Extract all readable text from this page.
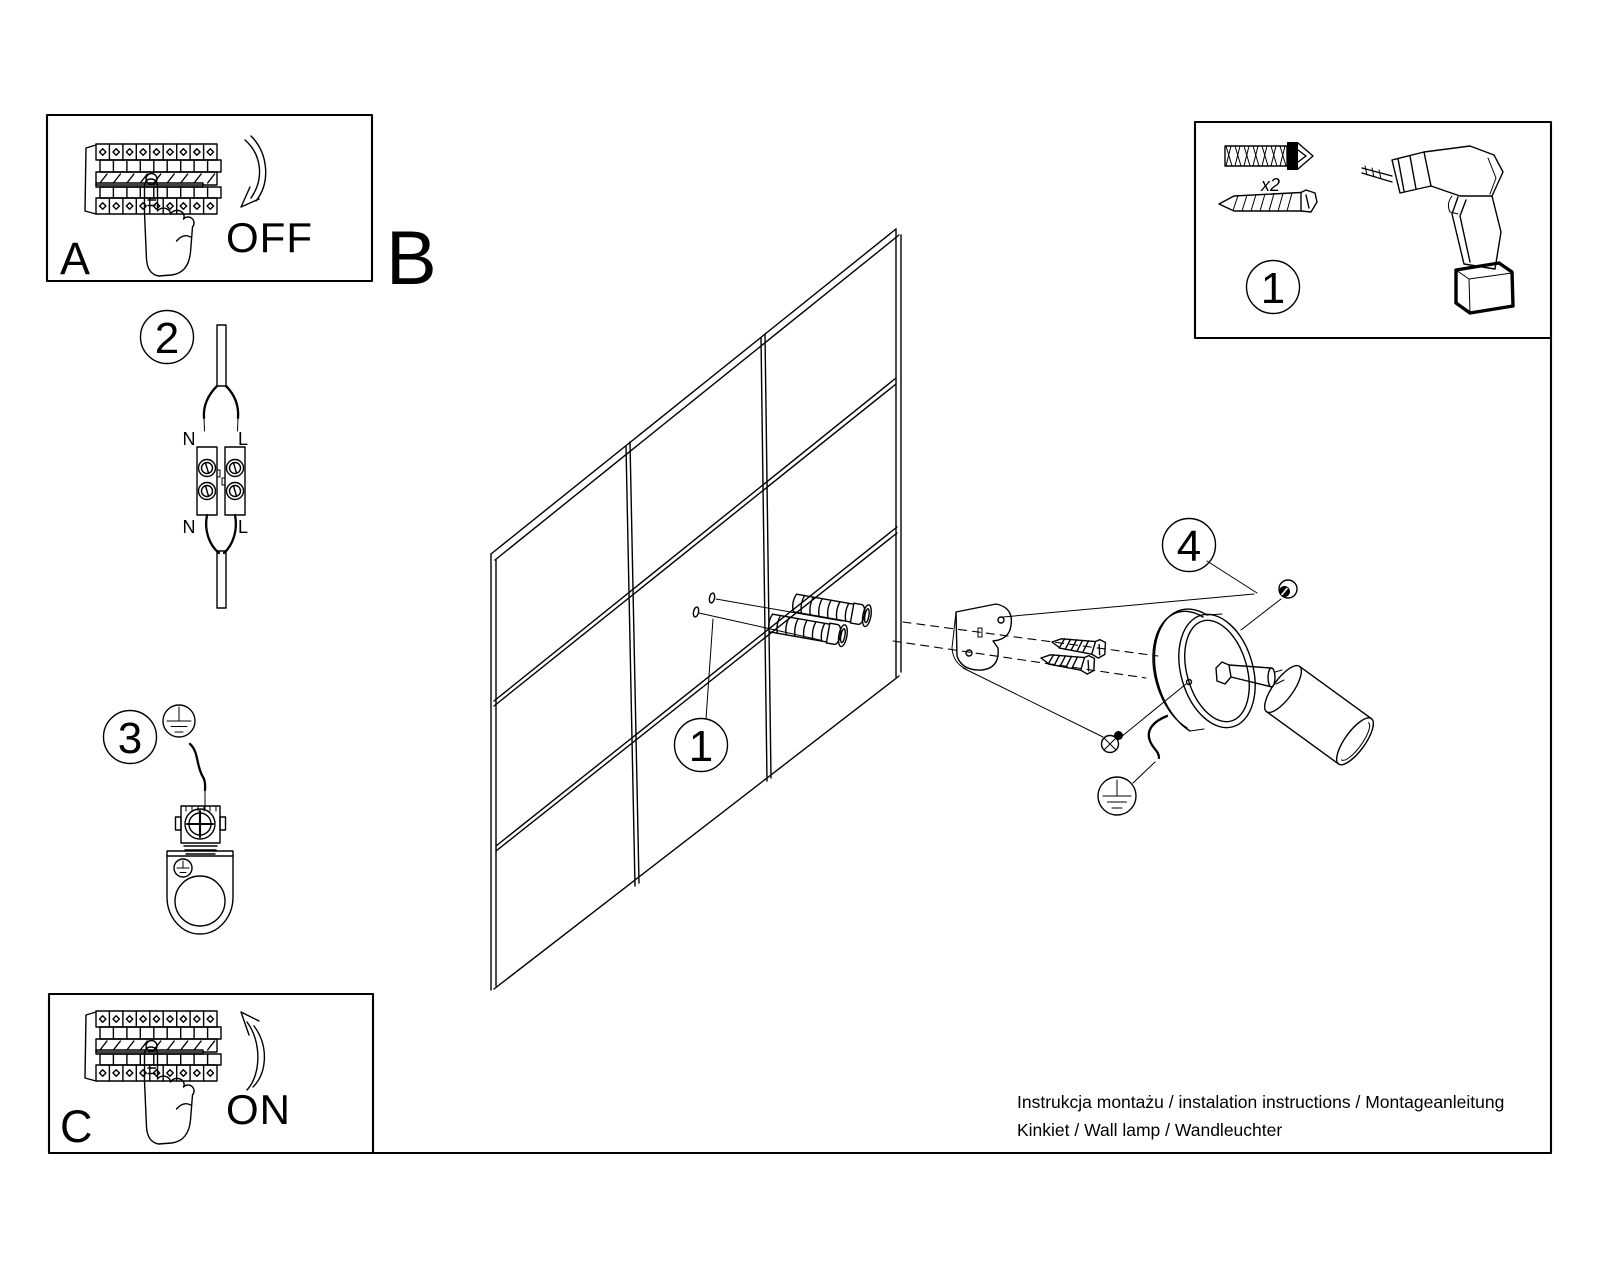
A	OFF B
2
N L
N L
3
C	ON
x2
1
1
4
Instrukcja montażu / instalation instructions / Montageanleitung
Kinkiet / Wall lamp / Wandleuchter
